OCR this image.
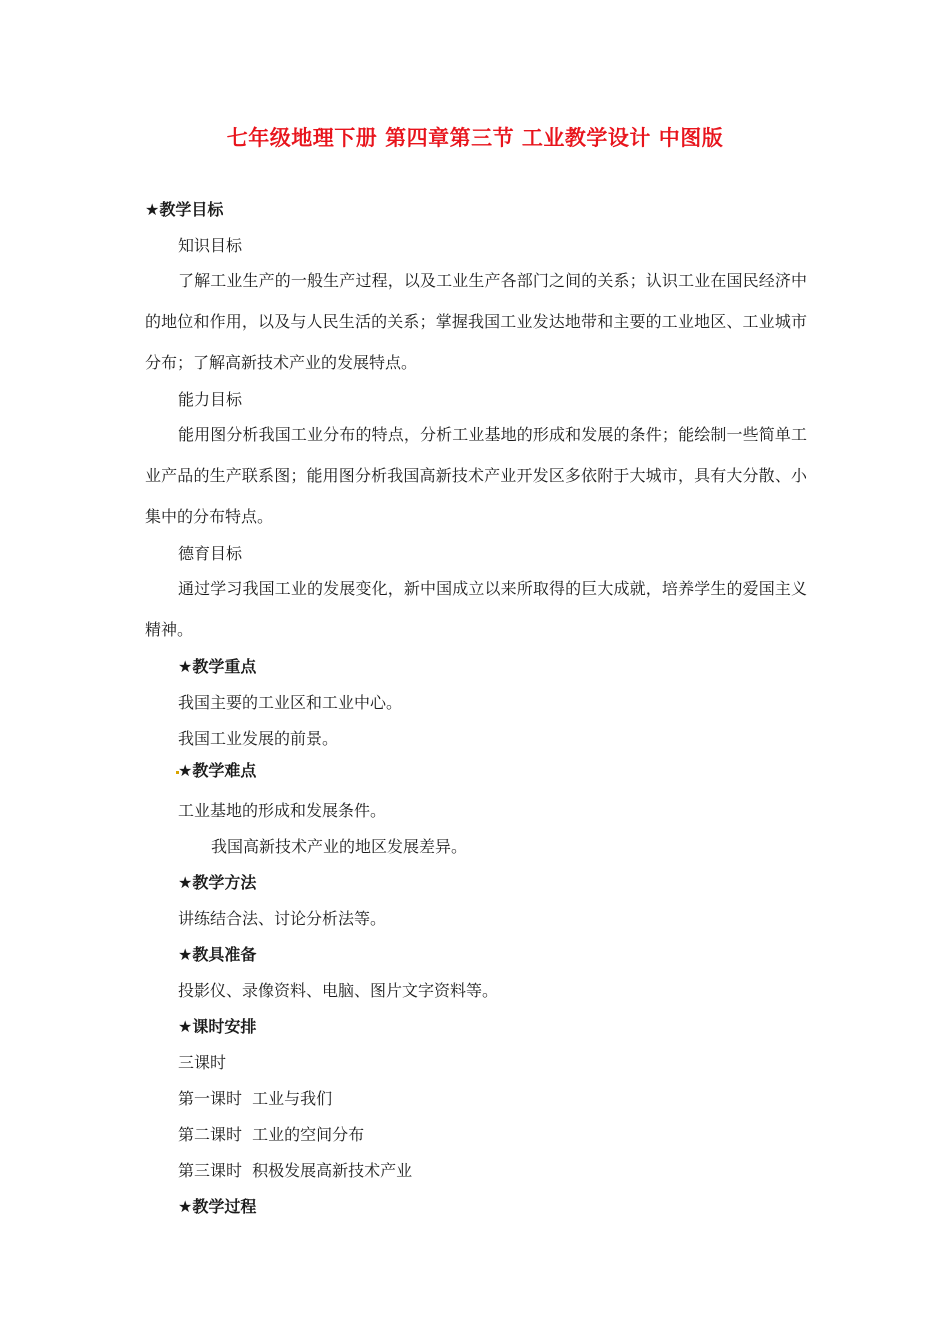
七年级地理下册 第四章第三节 工业教学设计 中图版
★教学目标
知识目标
了解工业生产的一般生产过程，以及工业生产各部门之间的关系；认识工业在国民经济中的地位和作用，以及与人民生活的关系；掌握我国工业发达地带和主要的工业地区、工业城市分布；了解高新技术产业的发展特点。
能力目标
能用图分析我国工业分布的特点，分析工业基地的形成和发展的条件；能绘制一些简单工业产品的生产联系图；能用图分析我国高新技术产业开发区多依附于大城市，具有大分散、小集中的分布特点。
德育目标
通过学习我国工业的发展变化，新中国成立以来所取得的巨大成就，培养学生的爱国主义精神。
★教学重点
我国主要的工业区和工业中心。
我国工业发展的前景。
★教学难点
工业基地的形成和发展条件。
我国高新技术产业的地区发展差异。
★教学方法
讲练结合法、讨论分析法等。
★教具准备
投影仪、录像资料、电脑、图片文字资料等。
★课时安排
三课时
第一课时  工业与我们
第二课时  工业的空间分布
第三课时  积极发展高新技术产业
★教学过程
